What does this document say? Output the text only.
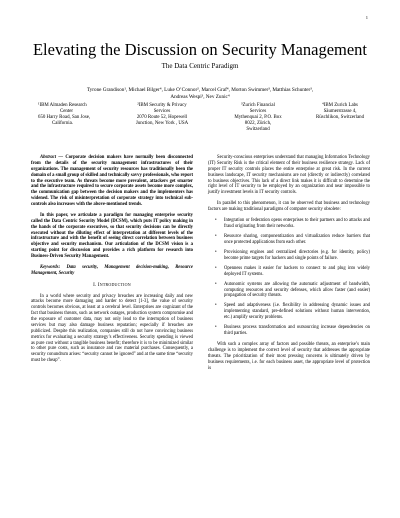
1
Elevating the Discussion on Security Management
The Data Centric Paradigm
Tyrone Grandison¹, Michael Bilger⁴, Luke O’Connor², Marcel Graf⁴, Morton Swimmer³, Matthias Schunter³,
Andreas Wespi³, Nev Zunic⁴
¹IBM Almaden Research
Center
650 Harry Road, San Jose,
California.
²IBM Security & Privacy
Services
2070 Route 52, Hopewell
Junction, New York , USA
³Zurich Financial
Services
Mythenquai 2, P.O. Box
8022, Zürich,
Switzerland
⁴IBM Zurich Labs
Säumerstrasse 4,
Rüschlikon, Switzerland

Abstract — Corporate decision makers have normally been disconnected from the details of the security management infrastructures of their organizations. The management of security resources has traditionally been the domain of a small group of skilled and technically savvy professionals, who report to the executive team. As threats become more prevalent, attackers get smarter and the infrastructure required to secure corporate assets become more complex, the communication gap between the decision makers and the implementers has widened. The risk of misinterpretation of corporate strategy into technical sub-controls also increases with the above-mentioned trends.

In this paper, we articulate a paradigm for managing enterprise security called the Data Centric Security Model (DCSM), which puts IT policy making in the hands of the corporate executives, so that security decisions can be directly executed without the diluting effect of interpretation at different levels of the infrastructure and with the benefit of seeing direct correlation between business objective and security mechanism. Our articulation of the DCSM vision is a starting point for discussion and provides a rich platform for research into Business-Driven Security Management.

Keywords: Data security, Management decision-making, Resource Management, Security

I. Introduction

In a world where security and privacy breaches are increasing daily and new attacks become more damaging and harder to detect [1-3], the value of security controls becomes obvious, at least at a cerebral level. Enterprises are cognizant of the fact that business threats, such as network outages, production system compromise and the exposure of customer data, may not only lead to the interruption of business services but may also damage business reputation; especially if breaches are publicized. Despite this realization, companies still do not have convincing business metrics for evaluating a security strategy’s effectiveness. Security spending is viewed as pure cost without a tangible business benefit; therefore it is to be minimized similar to other pure costs, such as insurance and raw material purchases. Consequently, a security conundrum arises: “security cannot be ignored” and at the same time “security must be cheap”.

Security-conscious enterprises understand that managing Information Technology (IT) Security Risk is the critical element of their business resilience strategy. Lack of proper IT security controls places the entire enterprise at great risk. In the current business landscape, IT security mechanisms are not (directly or indirectly) correlated to business objectives. This lack of a direct link makes it is difficult to determine the right level of IT security to be employed by an organization and near impossible to justify investment levels in IT security controls.

In parallel to this phenomenon, it can be observed that business and technology factors are making traditional paradigms of computer security obsolete:

• Integration or federation opens enterprises to their partners and to attacks and fraud originating from their networks.
• Resource sharing, componentization and virtualization reduce barriers that once protected applications from each other.
• Provisioning engines and centralized directories (e.g. for identity, policy) become prime targets for hackers and single points of failure.
• Openness makes it easier for hackers to connect to and plug into widely deployed IT systems.
• Autonomic systems are allowing the automatic adjustment of bandwidth, computing resources and security defenses, which allow faster (and easier) propagation of security threats.
• Speed and adaptiveness (i.e. flexibility in addressing dynamic issues and implementing standard, pre-defined solutions without human intervention, etc.) amplify security problems.
• Business process transformation and outsourcing increase dependencies on third parties.

With such a complex array of factors and possible threats, an enterprise’s main challenge is to implement the correct level of security that addresses the appropriate threats. The prioritization of their most pressing concerns is ultimately driven by business requirements, i.e. for each business asset, the appropriate level of protection is
